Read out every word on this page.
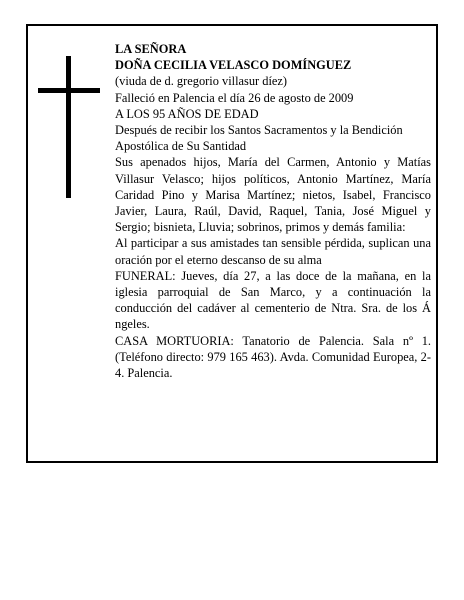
LA SEÑORA

DOÑA CECILIA VELASCO DOMÍNGUEZ

(viuda de d. gregorio villasur díez)

Falleció en Palencia el día 26 de agosto de 2009

A LOS 95 AÑOS DE EDAD

Después de recibir los Santos Sacramentos y la Bendición Apostólica de Su Santidad

Sus apenados hijos, María del Carmen, Antonio y Matías Villasur Velasco; hijos políticos, Antonio Martínez, María Caridad Pino y Marisa Martínez; nietos, Isabel, Francisco Javier, Laura, Raúl, David, Raquel, Tania, José Miguel y Sergio; bisnieta, Lluvia; sobrinos, primos y demás familia:

Al participar a sus amistades tan sensible pérdida, suplican una oración por el eterno descanso de su alma

FUNERAL: Jueves, día 27, a las doce de la mañana, en la iglesia parroquial de San Marco, y a continuación la conducción del cadáver al cementerio de Ntra. Sra. de los Á ngeles.

CASA MORTUORIA: Tanatorio de Palencia. Sala nº 1. (Teléfono directo: 979 165 463). Avda. Comunidad Europea, 2-4. Palencia.
